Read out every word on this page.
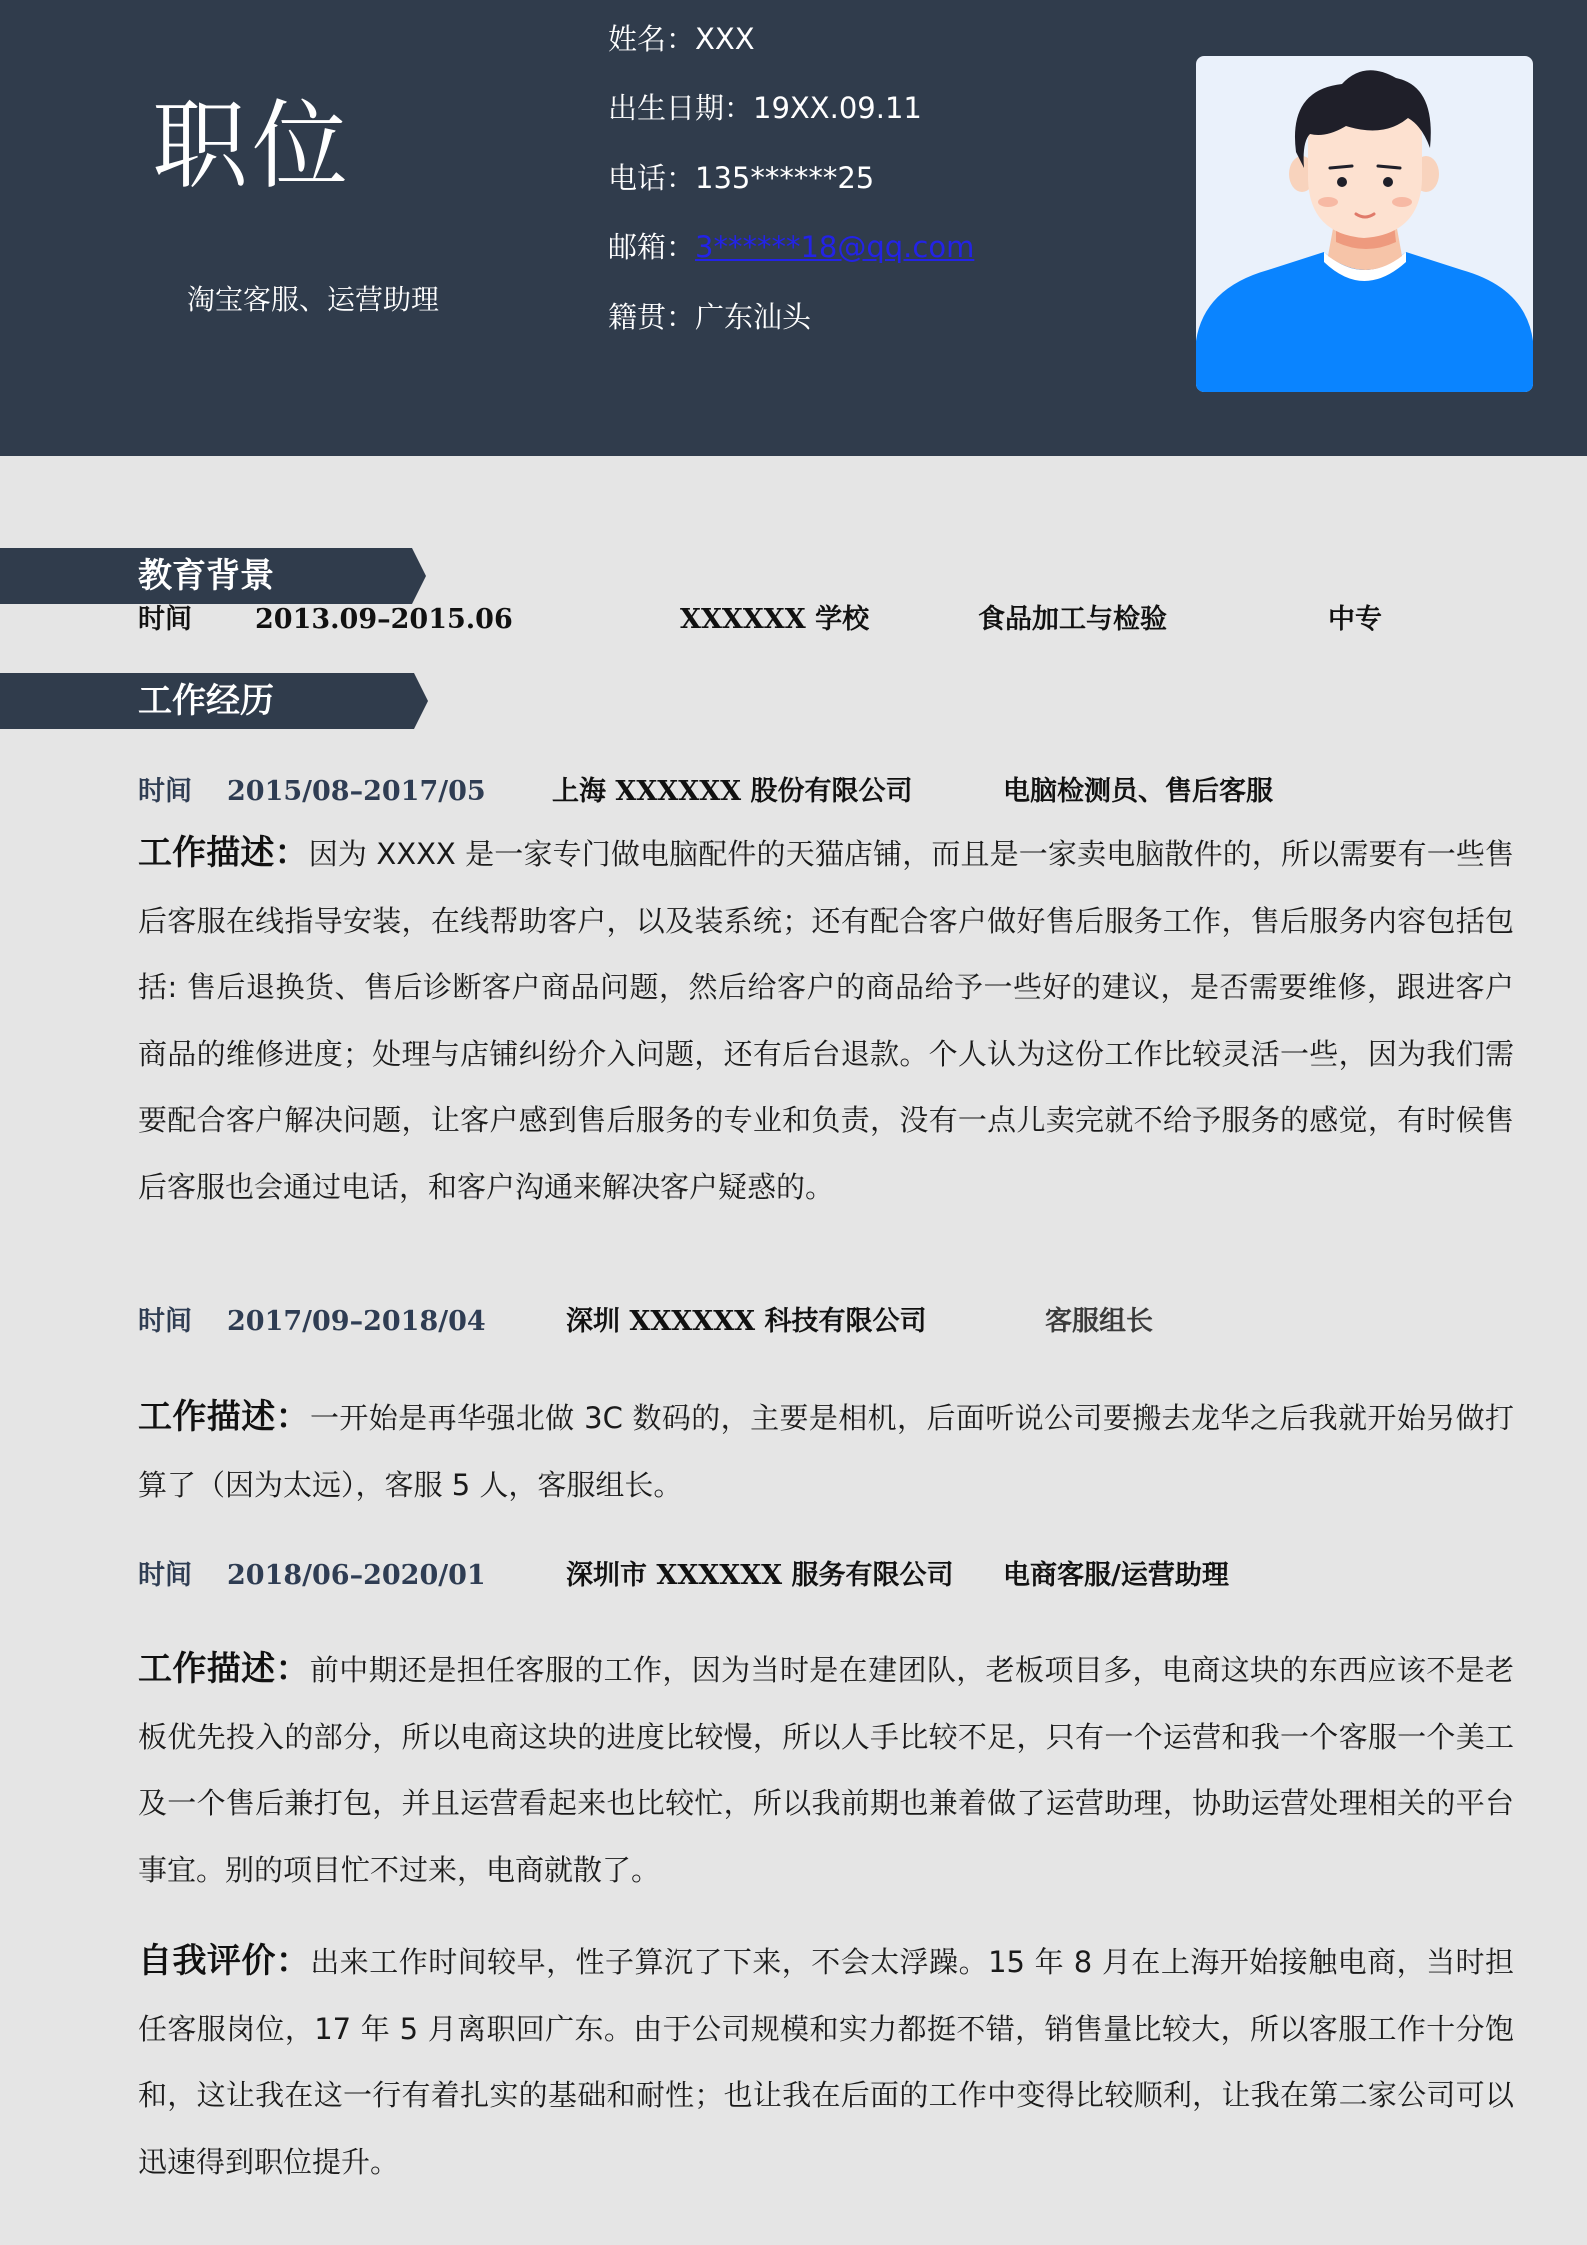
职位
淘宝客服、运营助理
姓名：XXX
出生日期：19XX.09.11
电话：135******25
邮箱：3******18@qq.com
籍贯：广东汕头
教育背景
时间 2013.09–2015.06	XXXXXX 学校	食品加工与检验	中专
工作经历
时间 2015/08–2017/05 上海 XXXXXX 股份有限公司	电脑检测员、售后客服

工作描述：因为 XXXX 是一家专门做电脑配件的天猫店铺，而且是一家卖电脑散件的，所以需要有一些售后客服在线指导安装，在线帮助客户，以及装系统；还有配合客户做好售后服务工作，售后服务内容包括包括: 售后退换货、售后诊断客户商品问题，然后给客户的商品给予一些好的建议，是否需要维修，跟进客户商品的维修进度；处理与店铺纠纷介入问题，还有后台退款。个人认为这份工作比较灵活一些，因为我们需要配合客户解决问题，让客户感到售后服务的专业和负责，没有一点儿卖完就不给予服务的感觉，有时候售后客服也会通过电话，和客户沟通来解决客户疑惑的。

时间 2017/09–2018/04	深圳 XXXXXX 科技有限公司	客服组长

工作描述：一开始是再华强北做 3C 数码的，主要是相机，后面听说公司要搬去龙华之后我就开始另做打算了（因为太远），客服 5 人，客服组长。

时间 2018/06–2020/01	深圳市 XXXXXX 服务有限公司 电商客服/运营助理

工作描述：前中期还是担任客服的工作，因为当时是在建团队，老板项目多，电商这块的东西应该不是老板优先投入的部分，所以电商这块的进度比较慢，所以人手比较不足，只有一个运营和我一个客服一个美工及一个售后兼打包，并且运营看起来也比较忙，所以我前期也兼着做了运营助理，协助运营处理相关的平台事宜。别的项目忙不过来，电商就散了。

自我评价：出来工作时间较早，性子算沉了下来，不会太浮躁。15 年 8 月在上海开始接触电商，当时担任客服岗位，17 年 5 月离职回广东。由于公司规模和实力都挺不错，销售量比较大，所以客服工作十分饱和，这让我在这一行有着扎实的基础和耐性；也让我在后面的工作中变得比较顺利，让我在第二家公司可以迅速得到职位提升。
